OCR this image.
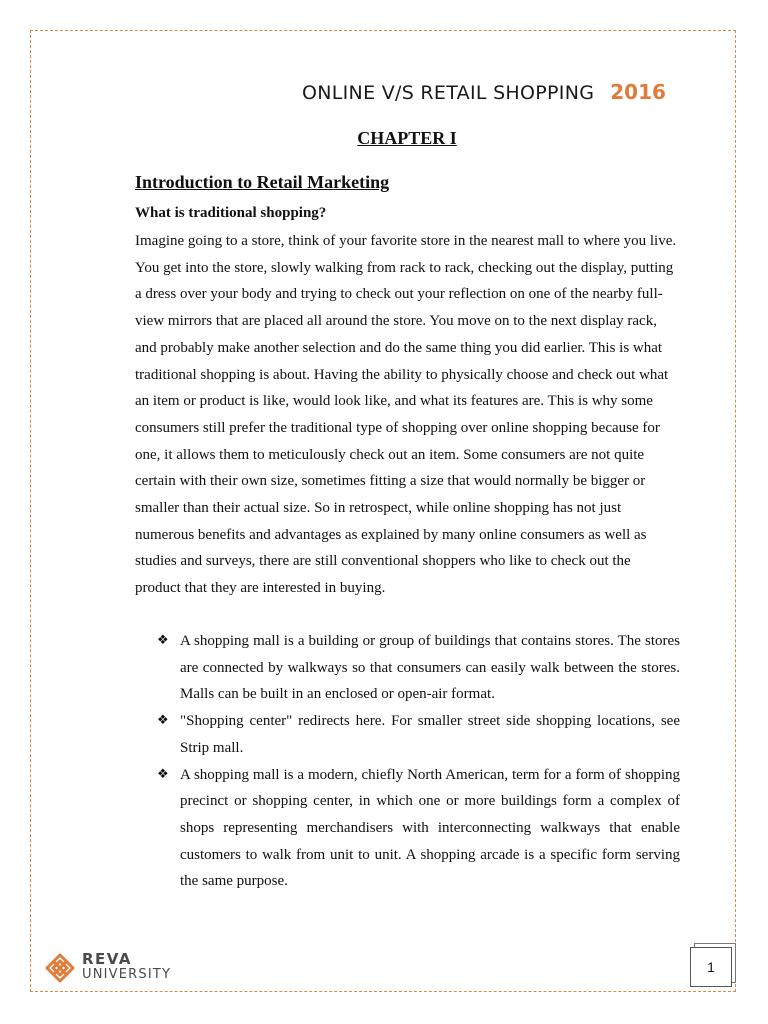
ONLINE V/S RETAIL SHOPPING 2016
CHAPTER I
Introduction to Retail Marketing
What is traditional shopping?

Imagine going to a store, think of your favorite store in the nearest mall to where you live. You get into the store, slowly walking from rack to rack, checking out the display, putting a dress over your body and trying to check out your reflection on one of the nearby full-view mirrors that are placed all around the store. You move on to the next display rack, and probably make another selection and do the same thing you did earlier. This is what traditional shopping is about. Having the ability to physically choose and check out what an item or product is like, would look like, and what its features are. This is why some consumers still prefer the traditional type of shopping over online shopping because for one, it allows them to meticulously check out an item. Some consumers are not quite certain with their own size, sometimes fitting a size that would normally be bigger or smaller than their actual size. So in retrospect, while online shopping has not just numerous benefits and advantages as explained by many online consumers as well as studies and surveys, there are still conventional shoppers who like to check out the product that they are interested in buying.

❖ A shopping mall is a building or group of buildings that contains stores. The stores are connected by walkways so that consumers can easily walk between the stores. Malls can be built in an enclosed or open-air format.
❖ "Shopping center" redirects here. For smaller street side shopping locations, see Strip mall.
❖ A shopping mall is a modern, chiefly North American, term for a form of shopping precinct or shopping center, in which one or more buildings form a complex of shops representing merchandisers with interconnecting walkways that enable customers to walk from unit to unit. A shopping arcade is a specific form serving the same purpose.
REVA
UNIVERSITY	1
